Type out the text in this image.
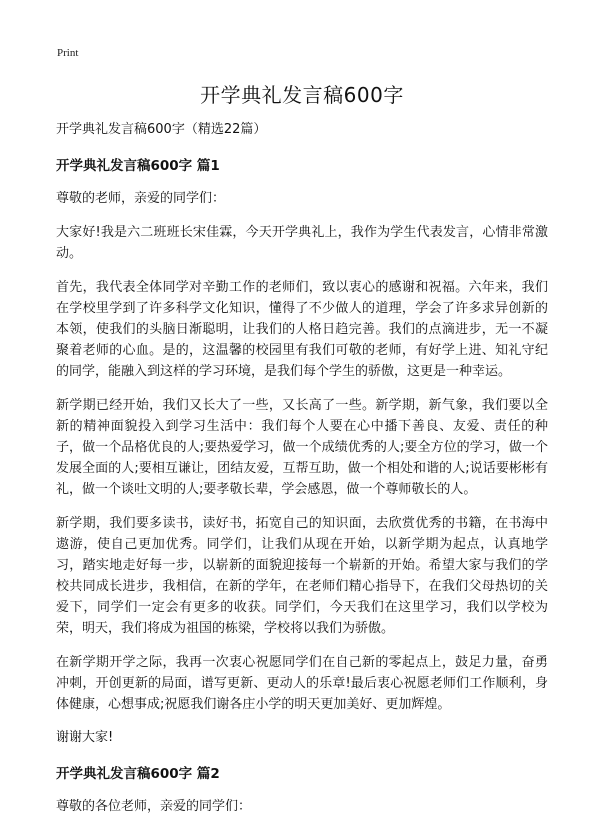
Print
开学典礼发言稿600字
开学典礼发言稿600字（精选22篇）
开学典礼发言稿600字 篇1

尊敬的老师，亲爱的同学们：

大家好!我是六二班班长宋佳霖，今天开学典礼上，我作为学生代表发言，心情非常激动。

首先，我代表全体同学对辛勤工作的老师们，致以衷心的感谢和祝福。六年来，我们在学校里学到了许多科学文化知识，懂得了不少做人的道理，学会了许多求异创新的本领，使我们的头脑日渐聪明，让我们的人格日趋完善。我们的点滴进步，无一不凝聚着老师的心血。是的，这温馨的校园里有我们可敬的老师，有好学上进、知礼守纪的同学，能融入到这样的学习环境，是我们每个学生的骄傲，这更是一种幸运。

新学期已经开始，我们又长大了一些，又长高了一些。新学期，新气象，我们要以全新的精神面貌投入到学习生活中：我们每个人要在心中播下善良、友爱、责任的种子，做一个品格优良的人;要热爱学习，做一个成绩优秀的人;要全方位的学习，做一个发展全面的人;要相互谦让，团结友爱，互帮互助，做一个相处和谐的人;说话要彬彬有礼，做一个谈吐文明的人;要孝敬长辈，学会感恩，做一个尊师敬长的人。

新学期，我们要多读书，读好书，拓宽自己的知识面，去欣赏优秀的书籍，在书海中遨游，使自己更加优秀。同学们，让我们从现在开始，以新学期为起点，认真地学习，踏实地走好每一步，以崭新的面貌迎接每一个崭新的开始。希望大家与我们的学校共同成长进步，我相信，在新的学年，在老师们精心指导下，在我们父母热切的关爱下，同学们一定会有更多的收获。同学们，今天我们在这里学习，我们以学校为荣，明天，我们将成为祖国的栋梁，学校将以我们为骄傲。

在新学期开学之际，我再一次衷心祝愿同学们在自己新的零起点上，鼓足力量，奋勇冲刺，开创更新的局面，谱写更新、更动人的乐章!最后衷心祝愿老师们工作顺利，身体健康，心想事成;祝愿我们谢各庄小学的明天更加美好、更加辉煌。

谢谢大家!

开学典礼发言稿600字 篇2

尊敬的各位老师，亲爱的同学们：
